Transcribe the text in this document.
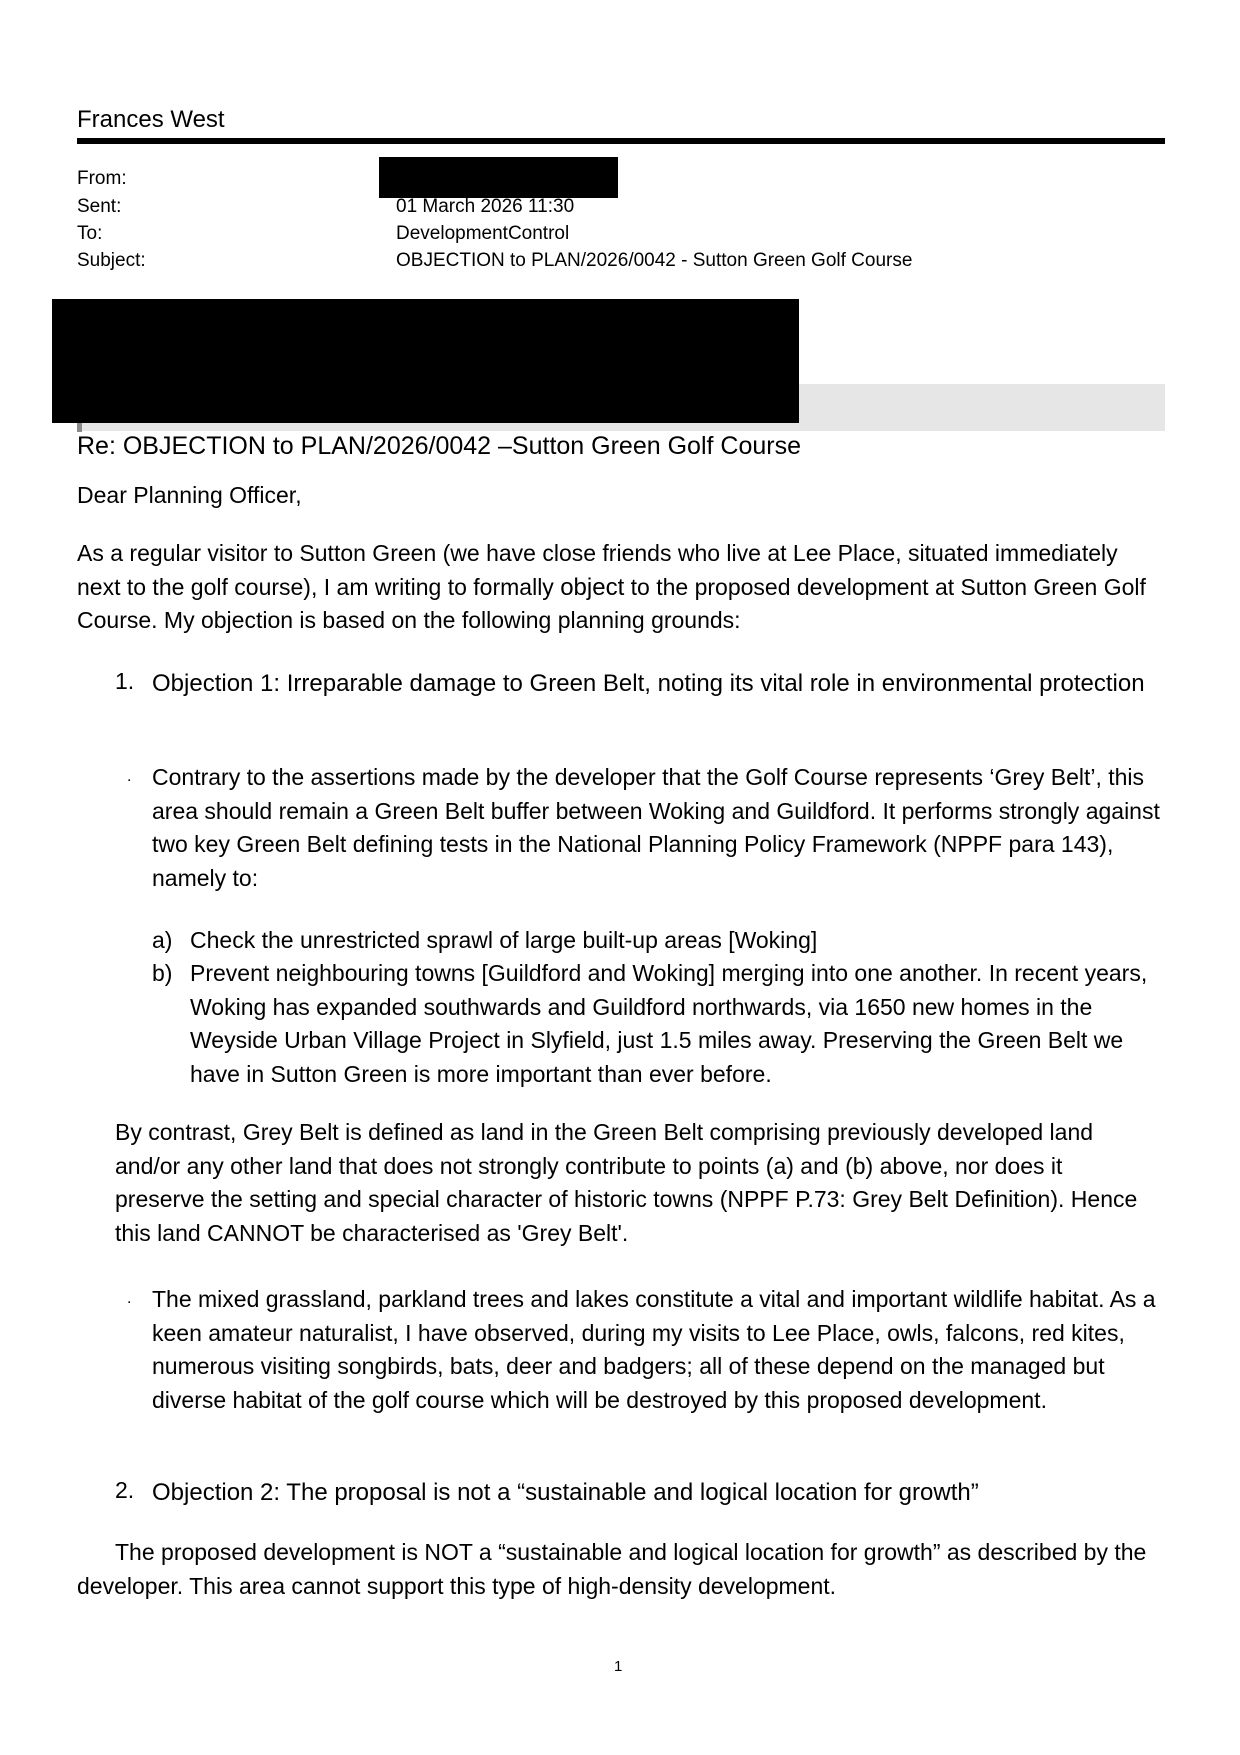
Frances West
From:
Sent:	01 March 2026 11:30
To:	DevelopmentControl
Subject:	OBJECTION to PLAN/2026/0042 - Sutton Green Golf Course
Re: OBJECTION to PLAN/2026/0042 –Sutton Green Golf Course
Dear Planning Officer,
As a regular visitor to Sutton Green (we have close friends who live at Lee Place, situated immediately next to the golf course), I am writing to formally object to the proposed development at Sutton Green Golf Course. My objection is based on the following planning grounds:
1. Objection 1: Irreparable damage to Green Belt, noting its vital role in environmental protection
. Contrary to the assertions made by the developer that the Golf Course represents ‘Grey Belt’, this area should remain a Green Belt buffer between Woking and Guildford. It performs strongly against two key Green Belt defining tests in the National Planning Policy Framework (NPPF para 143), namely to:
a) Check the unrestricted sprawl of large built-up areas [Woking]
b) Prevent neighbouring towns [Guildford and Woking] merging into one another. In recent years, Woking has expanded southwards and Guildford northwards, via 1650 new homes in the Weyside Urban Village Project in Slyfield, just 1.5 miles away. Preserving the Green Belt we have in Sutton Green is more important than ever before.
By contrast, Grey Belt is defined as land in the Green Belt comprising previously developed land and/or any other land that does not strongly contribute to points (a) and (b) above, nor does it preserve the setting and special character of historic towns (NPPF P.73: Grey Belt Definition). Hence this land CANNOT be characterised as 'Grey Belt'.
. The mixed grassland, parkland trees and lakes constitute a vital and important wildlife habitat. As a keen amateur naturalist, I have observed, during my visits to Lee Place, owls, falcons, red kites, numerous visiting songbirds, bats, deer and badgers; all of these depend on the managed but diverse habitat of the golf course which will be destroyed by this proposed development.
2. Objection 2: The proposal is not a “sustainable and logical location for growth”
The proposed development is NOT a “sustainable and logical location for growth” as described by the developer. This area cannot support this type of high-density development.
1
